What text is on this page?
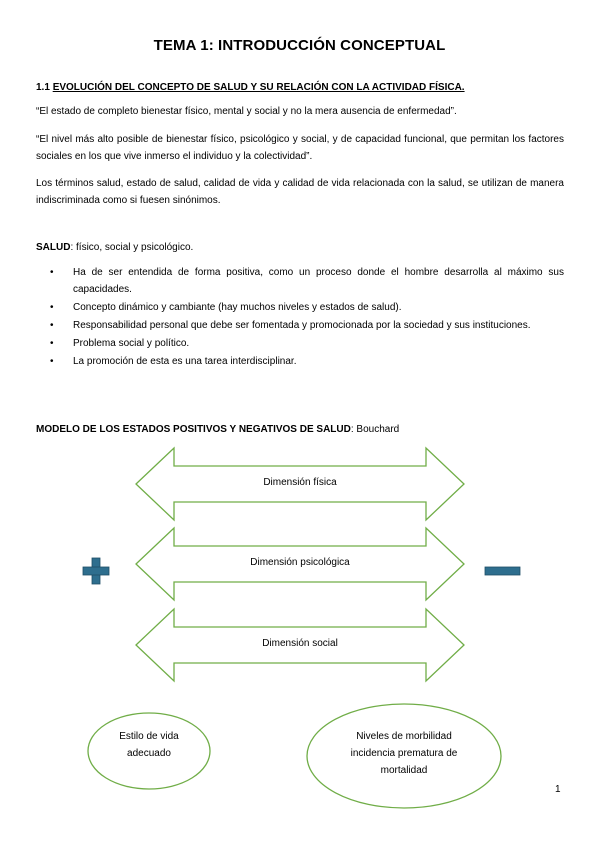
TEMA 1: INTRODUCCIÓN CONCEPTUAL
1.1 EVOLUCIÓN DEL CONCEPTO DE SALUD Y SU RELACIÓN CON LA ACTIVIDAD FÍSICA.
“El estado de completo bienestar físico, mental y social y no la mera ausencia de enfermedad”.
“El nivel más alto posible de bienestar físico, psicológico y social, y de capacidad funcional, que permitan los factores sociales en los que vive inmerso el individuo y la colectividad”.
Los términos salud, estado de salud, calidad de vida y calidad de vida relacionada con la salud, se utilizan de manera indiscriminada como si fuesen sinónimos.
SALUD: físico, social y psicológico.
• Ha de ser entendida de forma positiva, como un proceso donde el hombre desarrolla al máximo sus capacidades.
• Concepto dinámico y cambiante (hay muchos niveles y estados de salud).
• Responsabilidad personal que debe ser fomentada y promocionada por la sociedad y sus instituciones.
• Problema social y político.
• La promoción de esta es una tarea interdisciplinar.
MODELO DE LOS ESTADOS POSITIVOS Y NEGATIVOS DE SALUD: Bouchard
Dimensión física
Dimensión psicológica
Dimensión social
Estilo de vida adecuado
Niveles de morbilidad incidencia prematura de mortalidad
1
